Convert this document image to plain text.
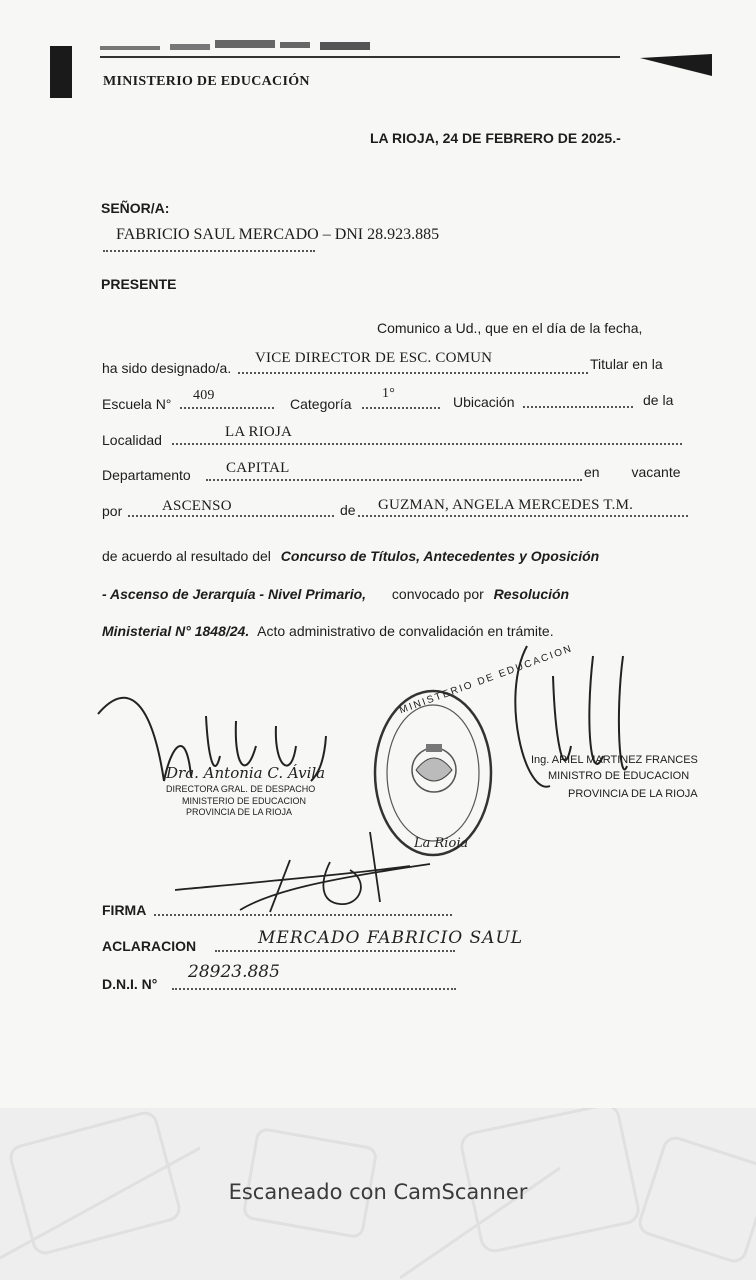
MINISTERIO DE EDUCACIÓN
LA RIOJA, 24 DE FEBRERO DE 2025.-
SEÑOR/A:
FABRICIO SAUL MERCADO – DNI 28.923.885
PRESENTE
Comunico a Ud., que en el día de la fecha,
ha sido designado/a.
VICE DIRECTOR DE ESC. COMUN	Titular en la
Escuela N°
409
Categoría
1°
Ubicación	de la
Localidad	LA RIOJA
Departamento CAPITAL	en vacante
por	ASCENSO	de GUZMAN, ANGELA MERCEDES T.M.
de acuerdo al resultado del Concurso de Títulos, Antecedentes y Oposición
- Ascenso de Jerarquía - Nivel Primario, convocado por Resolución
Ministerial N° 1848/24. Acto administrativo de convalidación en trámite.
Dra. Antonia C. Ávila
DIRECTORA GRAL. DE DESPACHO
MINISTERIO DE EDUCACION
PROVINCIA DE LA RIOJA
MINISTERIO DE EDUCACION
La Rioja
Ing. ARIEL MARTINEZ FRANCES
MINISTRO DE EDUCACION
PROVINCIA DE LA RIOJA
FIRMA
ACLARACION	MERCADO FABRICIO SAUL
D.N.I. N°
28923.885
Escaneado con CamScanner
